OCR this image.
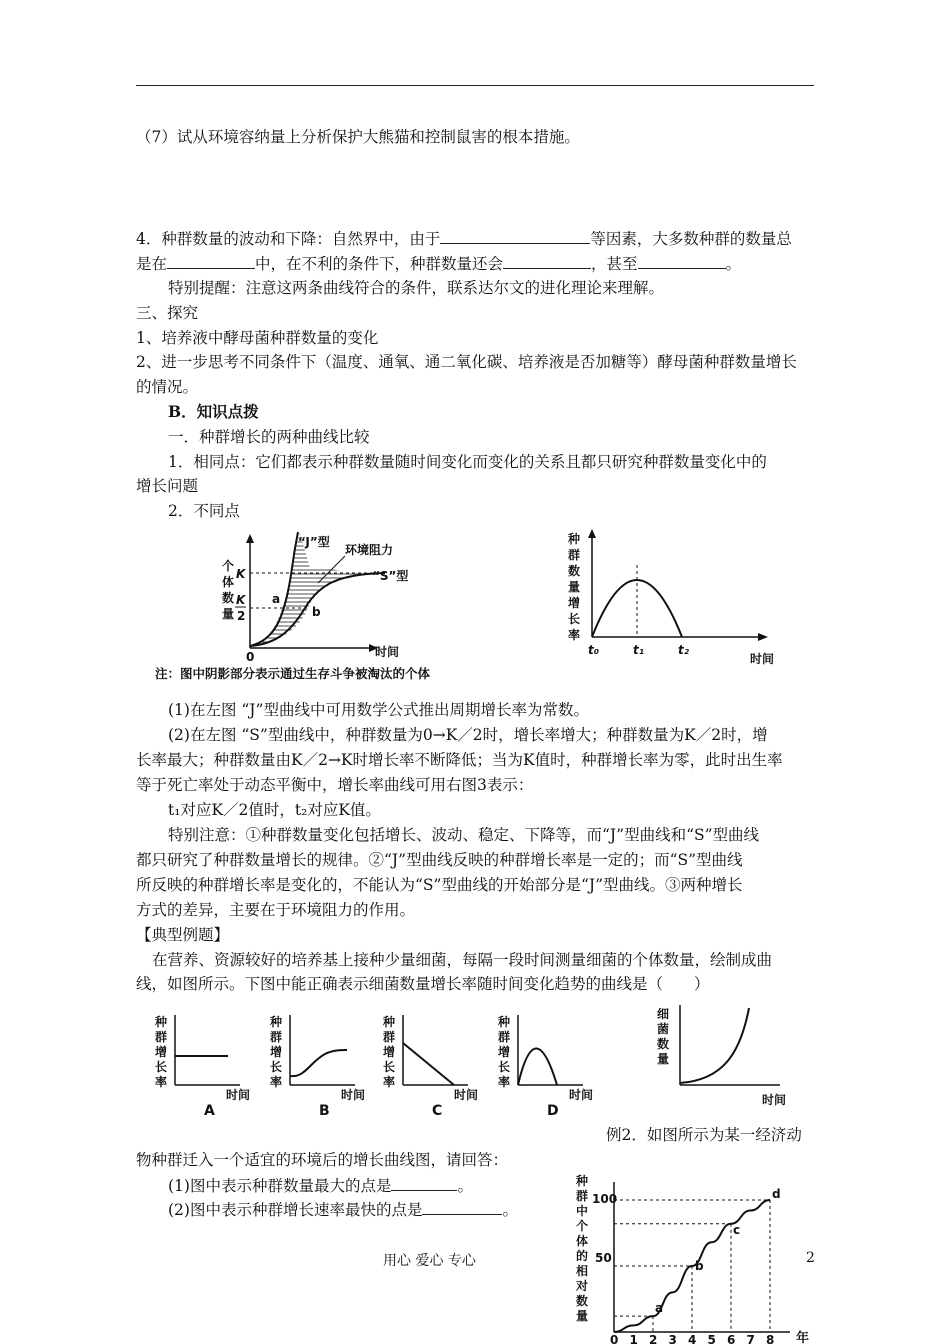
（7）试从环境容纳量上分析保护大熊猫和控制鼠害的根本措施。
4．种群数量的波动和下降：自然界中，由于	等因素，大多数种群的数量总
是在	中，在不利的条件下，种群数量还会	，甚至	。
特别提醒：注意这两条曲线符合的条件，联系达尔文的进化理论来理解。
三、探究
1、培养液中酵母菌种群数量的变化
2、进一步思考不同条件下（温度、通氧、通二氧化碳、培养液是否加糖等）酵母菌种群数量增长
的情况。
B．知识点拨
一．种群增长的两种曲线比较
1．相同点：它们都表示种群数量随时间变化而变化的关系且都只研究种群数量变化中的
增长问题
2．不同点
个
体
数
量
K
K
2
a
b
“J”型
环境阻力
“S”型
0	时间
注：图中阴影部分表示通过生存斗争被淘汰的个体
种
群
数
量
增
长
率
t₀	t₁	t₂
时间
(1)在左图 “J”型曲线中可用数学公式推出周期增长率为常数。
(2)在左图 “S”型曲线中，种群数量为0→K／2时，增长率增大；种群数量为K／2时，增
长率最大；种群数量由K／2→K时增长率不断降低；当为K值时，种群增长率为零，此时出生率
等于死亡率处于动态平衡中，增长率曲线可用右图3表示：
t₁对应K／2值时，t₂对应K值。
特别注意：①种群数量变化包括增长、波动、稳定、下降等，而“J”型曲线和“S”型曲线
都只研究了种群数量增长的规律。②“J”型曲线反映的种群增长率是一定的；而“S”型曲线
所反映的种群增长率是变化的，不能认为“S”型曲线的开始部分是“J”型曲线。③两种增长
方式的差异，主要在于环境阻力的作用。
【典型例题】
在营养、资源较好的培养基上接种少量细菌，每隔一段时间测量细菌的个体数量，绘制成曲
线，如图所示。下图中能正确表示细菌数量增长率随时间变化趋势的曲线是（　　）
种
群
增
长
率
时间
A
种
群
增
长
率
时间
B
种
群
增
长
率
时间
C
种
群
增
长
率
时间
D
细
菌
数
量
时间
例2．如图所示为某一经济动
物种群迁入一个适宜的环境后的增长曲线图，请回答：
(1)图中表示种群数量最大的点是	。
(2)图中表示种群增长速率最快的点是	。
种
群
中
个
体
的
相
对
数
量
100
50
0 1 2 3 4 5 6 7 8
a
b
c
d
年
用心 爱心 专心	2
